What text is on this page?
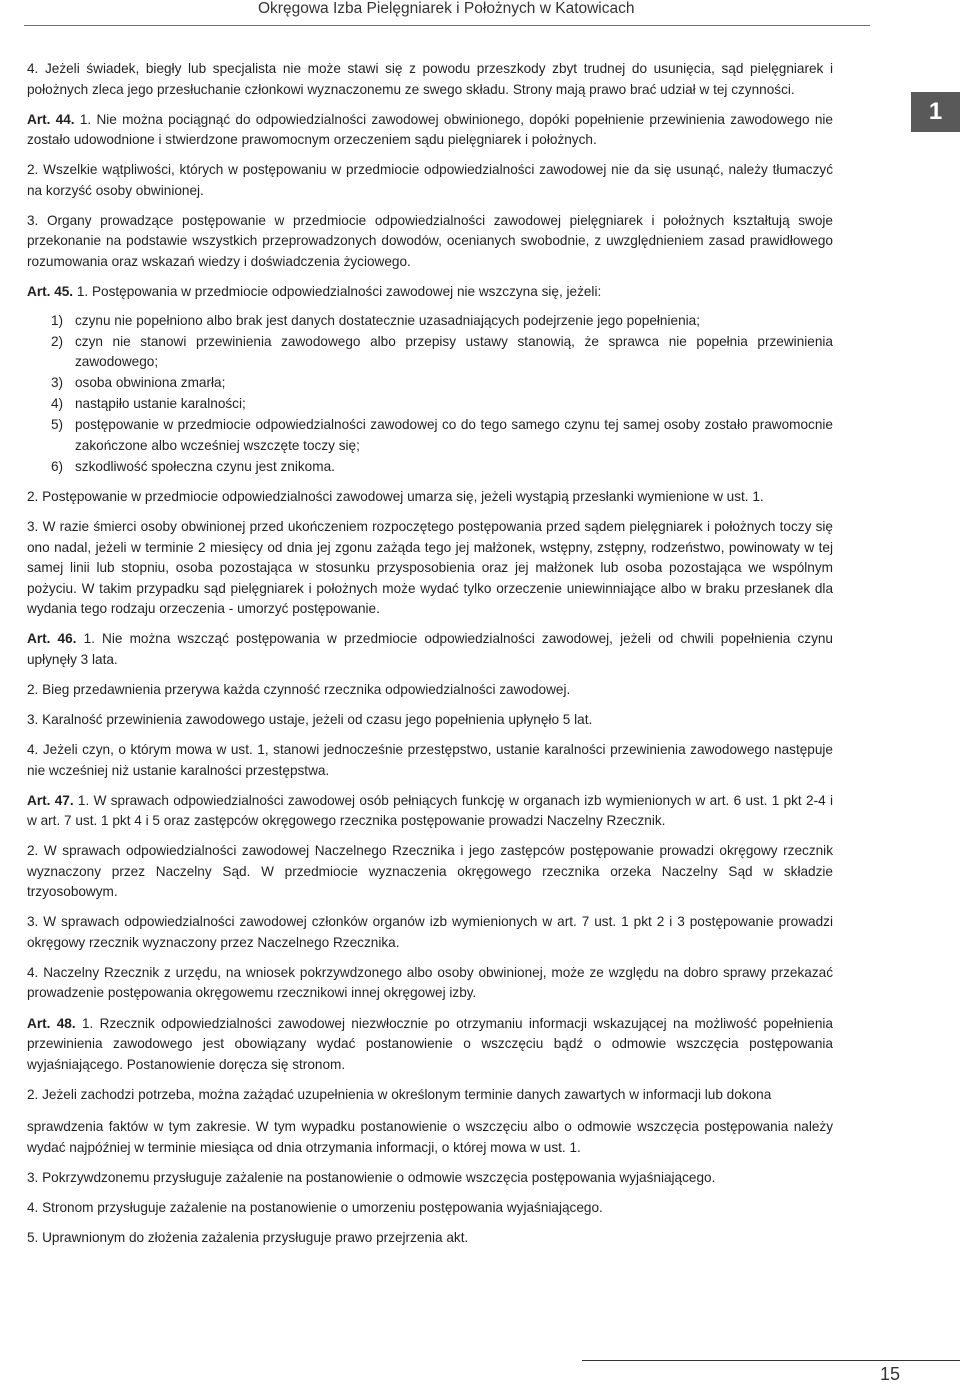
Okręgowa Izba Pielęgniarek i Położnych w Katowicach
1

4. Jeżeli świadek, biegły lub specjalista nie może stawi się z powodu przeszkody zbyt trudnej do usunięcia, sąd pielęgniarek i położnych zleca jego przesłuchanie członkowi wyznaczonemu ze swego składu. Strony mają prawo brać udział w tej czynności.

Art. 44. 1. Nie można pociągnąć do odpowiedzialności zawodowej obwinionego, dopóki popełnienie przewinienia zawodowego nie zostało udowodnione i stwierdzone prawomocnym orzeczeniem sądu pielęgniarek i położnych.

2. Wszelkie wątpliwości, których w postępowaniu w przedmiocie odpowiedzialności zawodowej nie da się usunąć, należy tłumaczyć na korzyść osoby obwinionej.

3. Organy prowadzące postępowanie w przedmiocie odpowiedzialności zawodowej pielęgniarek i położnych kształtują swoje przekonanie na podstawie wszystkich przeprowadzonych dowodów, ocenianych swobodnie, z uwzględnieniem zasad prawidłowego rozumowania oraz wskazań wiedzy i doświadczenia życiowego.

Art. 45. 1. Postępowania w przedmiocie odpowiedzialności zawodowej nie wszczyna się, jeżeli:

1) czynu nie popełniono albo brak jest danych dostatecznie uzasadniających podejrzenie jego popełnienia;
2) czyn nie stanowi przewinienia zawodowego albo przepisy ustawy stanowią, że sprawca nie popełnia przewinienia zawodowego;
3) osoba obwiniona zmarła;
4) nastąpiło ustanie karalności;
5) postępowanie w przedmiocie odpowiedzialności zawodowej co do tego samego czynu tej samej osoby zostało prawomocnie zakończone albo wcześniej wszczęte toczy się;
6) szkodliwość społeczna czynu jest znikoma.

2. Postępowanie w przedmiocie odpowiedzialności zawodowej umarza się, jeżeli wystąpią przesłanki wymienione w ust. 1.

3. W razie śmierci osoby obwinionej przed ukończeniem rozpoczętego postępowania przed sądem pielęgniarek i położnych toczy się ono nadal, jeżeli w terminie 2 miesięcy od dnia jej zgonu zażąda tego jej małżonek, wstępny, zstępny, rodzeństwo, powinowaty w tej samej linii lub stopniu, osoba pozostająca w stosunku przysposobienia oraz jej małżonek lub osoba pozostająca we wspólnym pożyciu. W takim przypadku sąd pielęgniarek i położnych może wydać tylko orzeczenie uniewinniające albo w braku przesłanek dla wydania tego rodzaju orzeczenia - umorzyć postępowanie.

Art. 46. 1. Nie można wszcząć postępowania w przedmiocie odpowiedzialności zawodowej, jeżeli od chwili popełnienia czynu upłynęły 3 lata.

2. Bieg przedawnienia przerywa każda czynność rzecznika odpowiedzialności zawodowej.

3. Karalność przewinienia zawodowego ustaje, jeżeli od czasu jego popełnienia upłynęło 5 lat.

4. Jeżeli czyn, o którym mowa w ust. 1, stanowi jednocześnie przestępstwo, ustanie karalności przewinienia zawodowego następuje nie wcześniej niż ustanie karalności przestępstwa.

Art. 47. 1. W sprawach odpowiedzialności zawodowej osób pełniących funkcję w organach izb wymienionych w art. 6 ust. 1 pkt 2-4 i w art. 7 ust. 1 pkt 4 i 5 oraz zastępców okręgowego rzecznika postępowanie prowadzi Naczelny Rzecznik.

2. W sprawach odpowiedzialności zawodowej Naczelnego Rzecznika i jego zastępców postępowanie prowadzi okręgowy rzecznik wyznaczony przez Naczelny Sąd. W przedmiocie wyznaczenia okręgowego rzecznika orzeka Naczelny Sąd w składzie trzyosobowym.

3. W sprawach odpowiedzialności zawodowej członków organów izb wymienionych w art. 7 ust. 1 pkt 2 i 3 postępowanie prowadzi okręgowy rzecznik wyznaczony przez Naczelnego Rzecznika.

4. Naczelny Rzecznik z urzędu, na wniosek pokrzywdzonego albo osoby obwinionej, może ze względu na dobro sprawy przekazać prowadzenie postępowania okręgowemu rzecznikowi innej okręgowej izby.

Art. 48. 1. Rzecznik odpowiedzialności zawodowej niezwłocznie po otrzymaniu informacji wskazującej na możliwość popełnienia przewinienia zawodowego jest obowiązany wydać postanowienie o wszczęciu bądź o odmowie wszczęcia postępowania wyjaśniającego. Postanowienie doręcza się stronom.

2. Jeżeli zachodzi potrzeba, można zażądać uzupełnienia w określonym terminie danych zawartych w informacji lub dokona

sprawdzenia faktów w tym zakresie. W tym wypadku postanowienie o wszczęciu albo o odmowie wszczęcia postępowania należy wydać najpóźniej w terminie miesiąca od dnia otrzymania informacji, o której mowa w ust. 1.

3. Pokrzywdzonemu przysługuje zażalenie na postanowienie o odmowie wszczęcia postępowania wyjaśniającego.

4. Stronom przysługuje zażalenie na postanowienie o umorzeniu postępowania wyjaśniającego.

5. Uprawnionym do złożenia zażalenia przysługuje prawo przejrzenia akt.

15
